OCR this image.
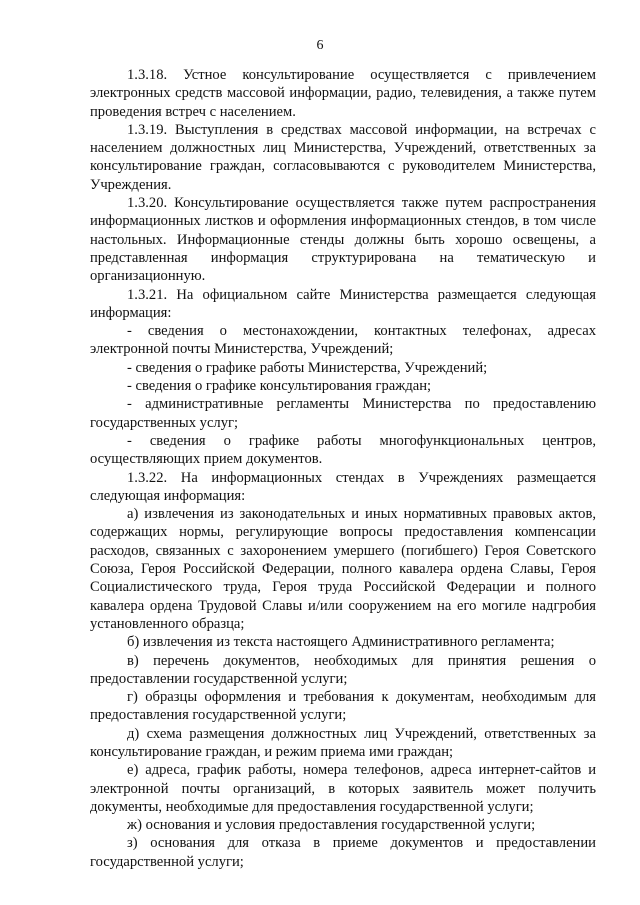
6

1.3.18. Устное консультирование осуществляется с привлечением электронных средств массовой информации, радио, телевидения, а также путем проведения встреч с населением.

1.3.19. Выступления в средствах массовой информации, на встречах с населением должностных лиц Министерства, Учреждений, ответственных за консультирование граждан, согласовываются с руководителем Министерства, Учреждения.

1.3.20. Консультирование осуществляется также путем распространения информационных листков и оформления информационных стендов, в том числе настольных. Информационные стенды должны быть хорошо освещены, а представленная информация структурирована на тематическую и организационную.

1.3.21. На официальном сайте Министерства размещается следующая информация:

- сведения о местонахождении, контактных телефонах, адресах электронной почты Министерства, Учреждений;

- сведения о графике работы Министерства, Учреждений;

- сведения о графике консультирования граждан;

- административные регламенты Министерства по предоставлению государственных услуг;

- сведения о графике работы многофункциональных центров, осуществляющих прием документов.

1.3.22. На информационных стендах в Учреждениях размещается следующая информация:

а) извлечения из законодательных и иных нормативных правовых актов, содержащих нормы, регулирующие вопросы предоставления компенсации расходов, связанных с захоронением умершего (погибшего) Героя Советского Союза, Героя Российской Федерации, полного кавалера ордена Славы, Героя Социалистического труда, Героя труда Российской Федерации и полного кавалера ордена Трудовой Славы и/или сооружением на его могиле надгробия установленного образца;

б) извлечения из текста настоящего Административного регламента;

в) перечень документов, необходимых для принятия решения о предоставлении государственной услуги;

г) образцы оформления и требования к документам, необходимым для предоставления государственной услуги;

д) схема размещения должностных лиц Учреждений, ответственных за консультирование граждан, и режим приема ими граждан;

е) адреса, график работы, номера телефонов, адреса интернет-сайтов и электронной почты организаций, в которых заявитель может получить документы, необходимые для предоставления государственной услуги;

ж) основания и условия предоставления государственной услуги;

з) основания для отказа в приеме документов и предоставлении государственной услуги;
